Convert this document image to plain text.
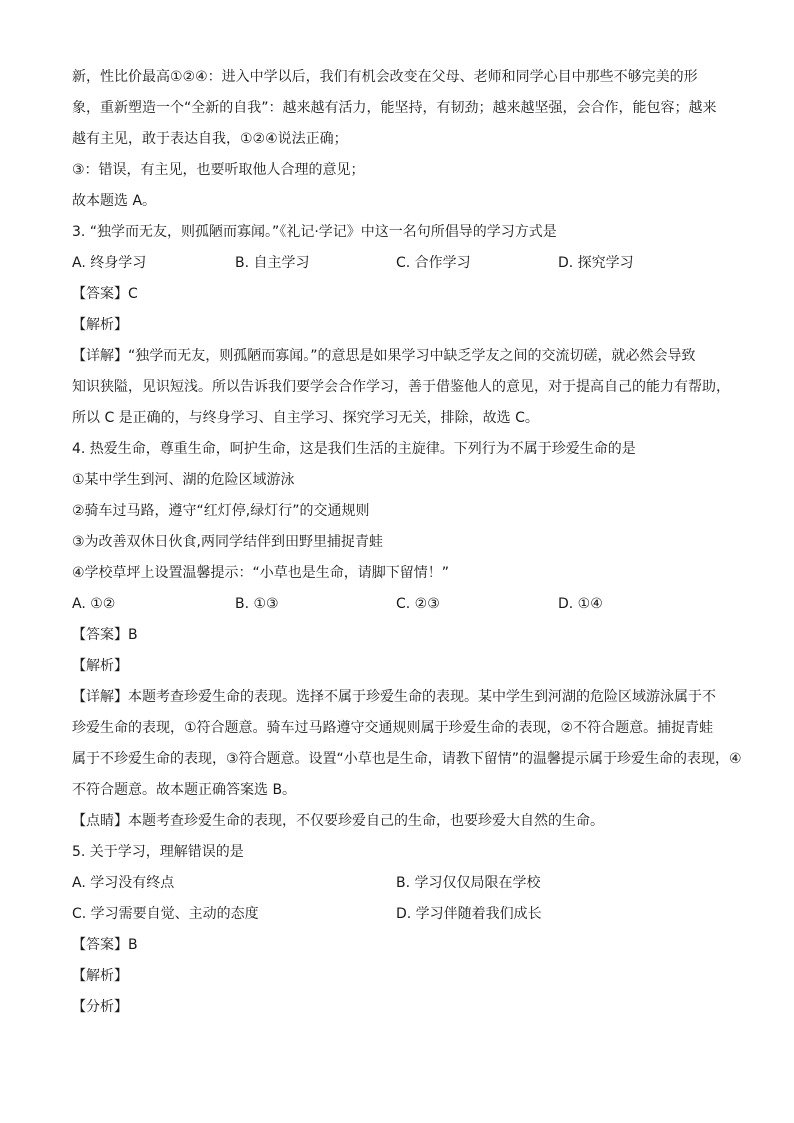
新，性比价最高①②④：进入中学以后，我们有机会改变在父母、老师和同学心目中那些不够完美的形
象，重新塑造一个“全新的自我”：越来越有活力，能坚持，有韧劲；越来越坚强，会合作，能包容；越来
越有主见，敢于表达自我，①②④说法正确；
③：错误，有主见，也要听取他人合理的意见；
故本题选 A。
3. “独学而无友，则孤陋而寡闻。”《礼记·学记》中这一名句所倡导的学习方式是
A. 终身学习	B. 自主学习	C. 合作学习	D. 探究学习
【答案】C
【解析】
【详解】“独学而无友，则孤陋而寡闻。”的意思是如果学习中缺乏学友之间的交流切磋，就必然会导致
知识狭隘，见识短浅。所以告诉我们要学会合作学习，善于借鉴他人的意见，对于提高自己的能力有帮助，
所以 C 是正确的，与终身学习、自主学习、探究学习无关，排除，故选 C。
4. 热爱生命，尊重生命，呵护生命，这是我们生活的主旋律。下列行为不属于珍爱生命的是
①某中学生到河、湖的危险区域游泳
②骑车过马路，遵守“红灯停,绿灯行”的交通规则
③为改善双休日伙食,两同学结伴到田野里捕捉青蛙
④学校草坪上设置温馨提示：“小草也是生命，请脚下留情！”
A. ①②	B. ①③	C. ②③	D. ①④
【答案】B
【解析】
【详解】本题考查珍爱生命的表现。选择不属于珍爱生命的表现。某中学生到河湖的危险区域游泳属于不
珍爱生命的表现，①符合题意。骑车过马路遵守交通规则属于珍爱生命的表现，②不符合题意。捕捉青蛙
属于不珍爱生命的表现，③符合题意。设置“小草也是生命，请教下留情”的温馨提示属于珍爱生命的表现，④
不符合题意。故本题正确答案选 B。
【点睛】本题考查珍爱生命的表现，不仅要珍爱自己的生命，也要珍爱大自然的生命。
5. 关于学习，理解错误的是
A. 学习没有终点	B. 学习仅仅局限在学校
C. 学习需要自觉、主动的态度	D. 学习伴随着我们成长
【答案】B
【解析】
【分析】
